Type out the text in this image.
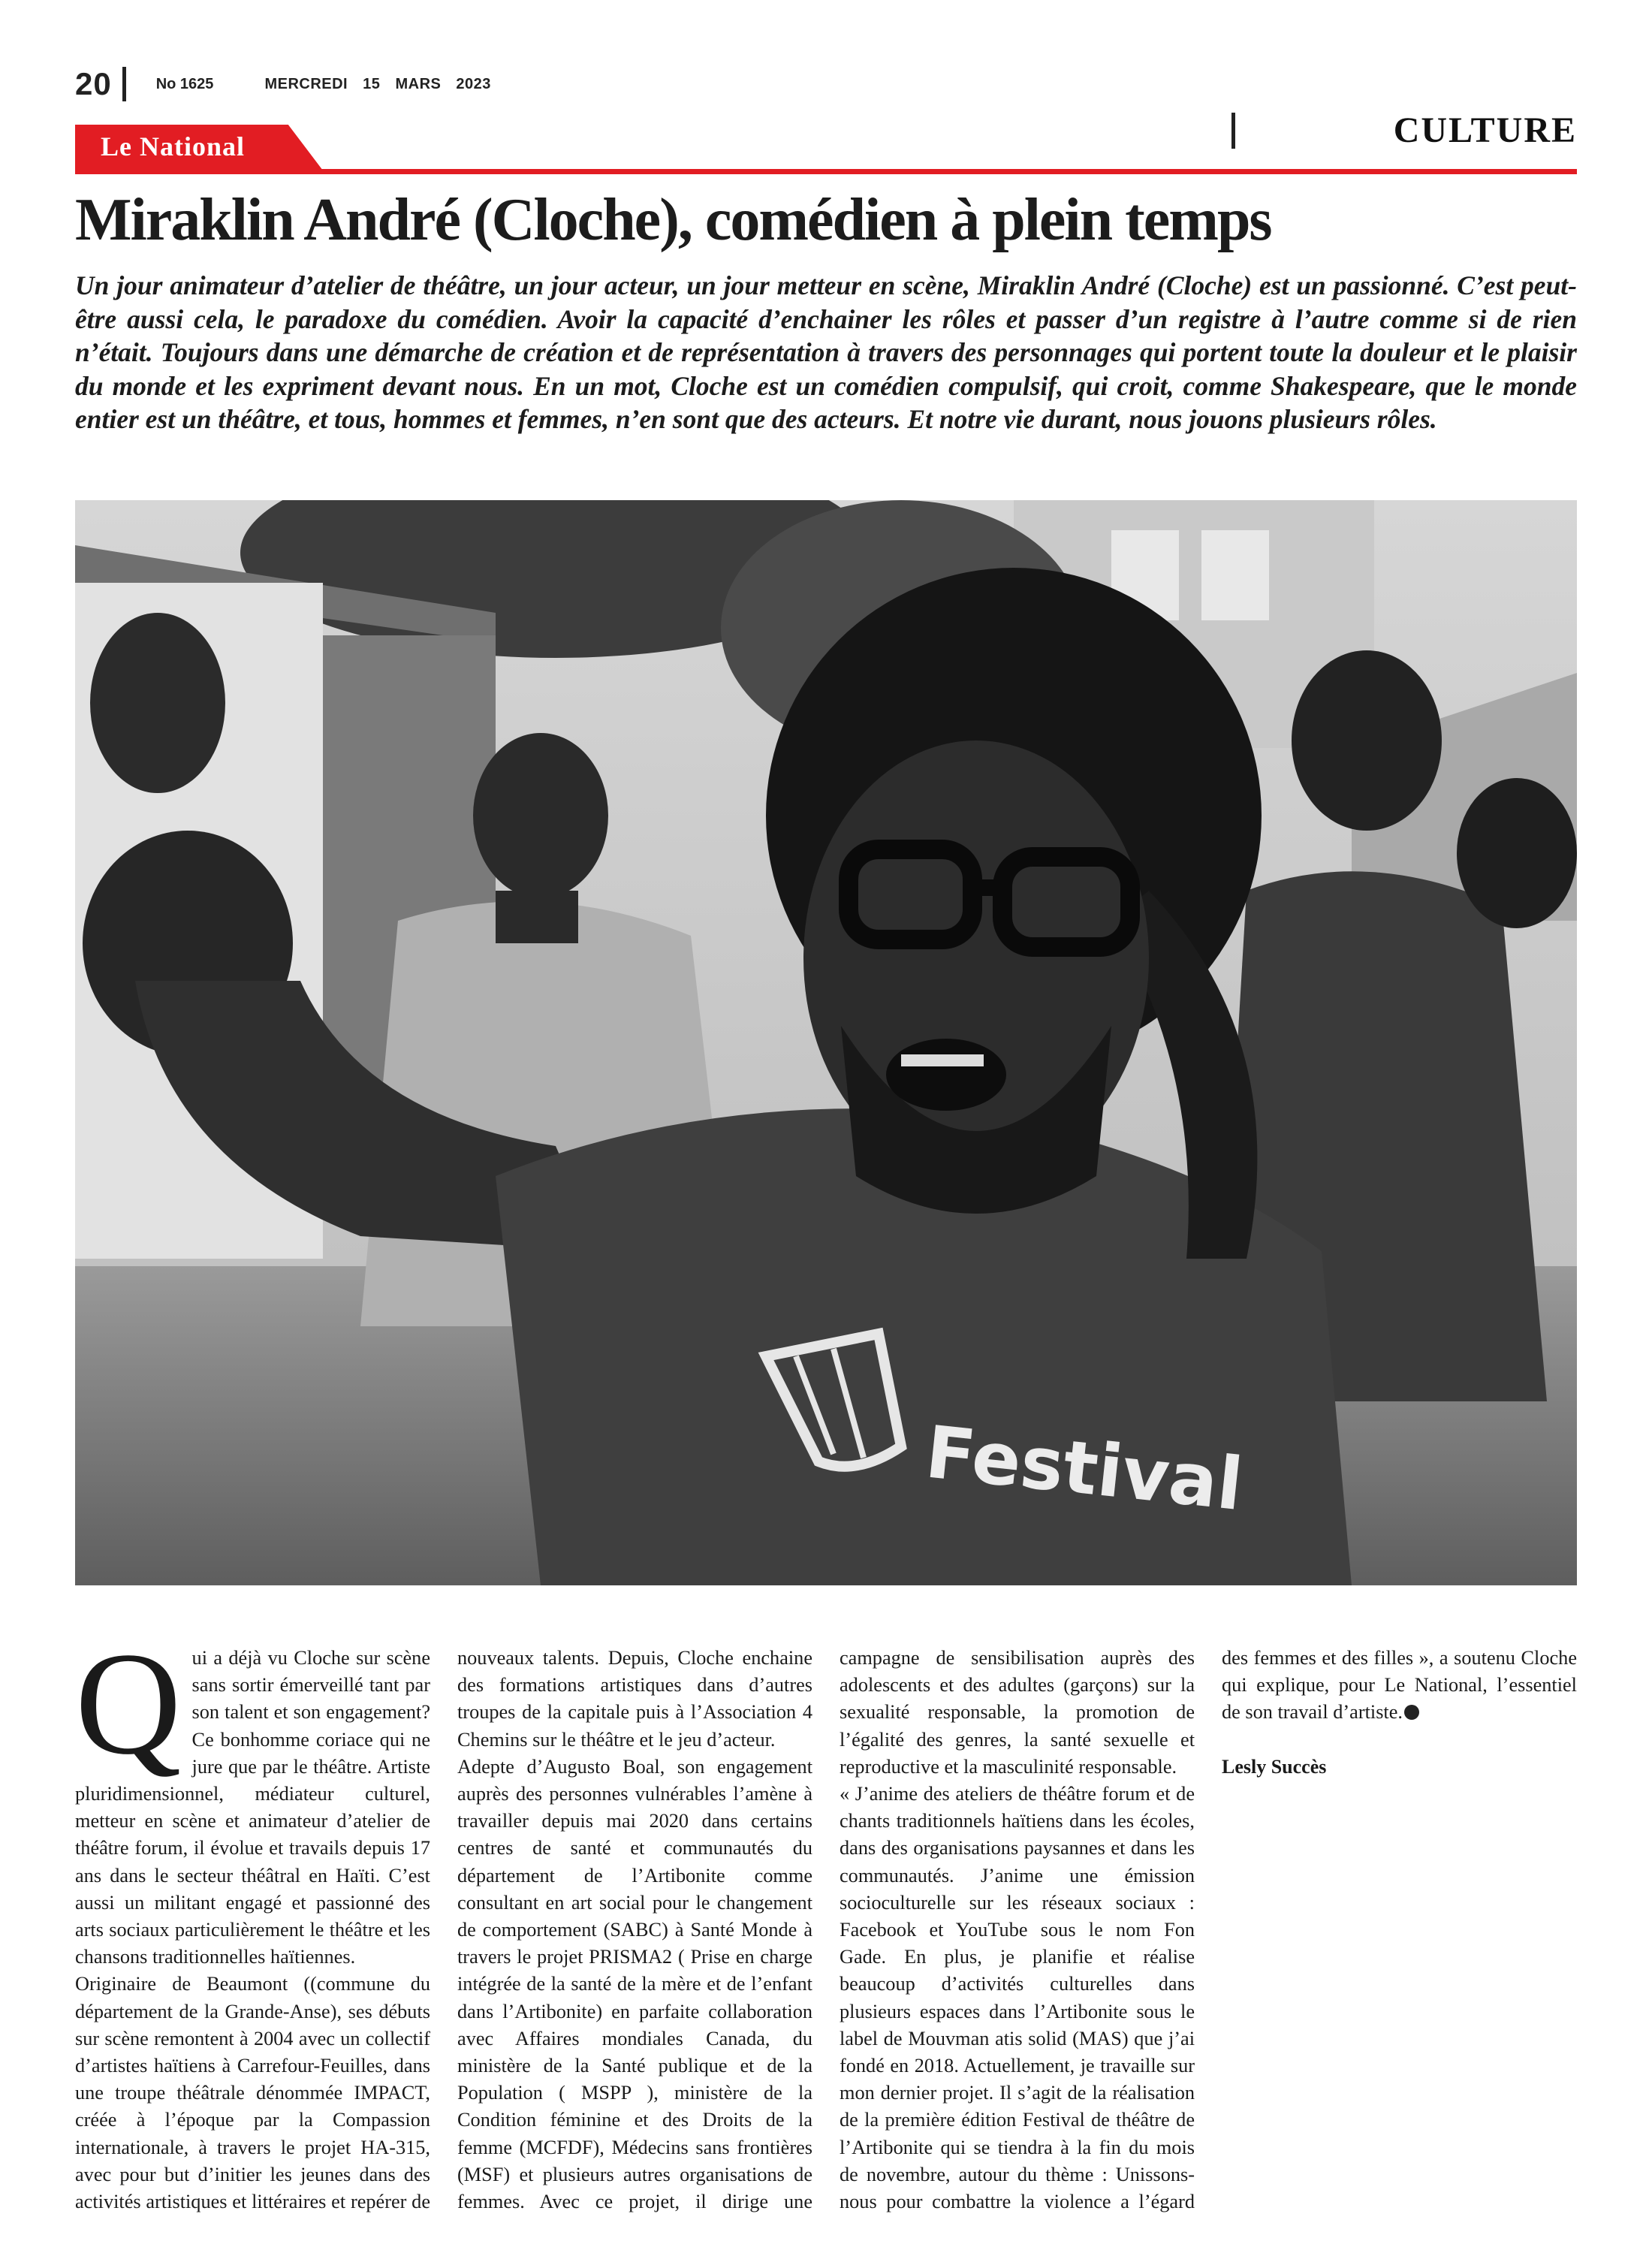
20	No 1625	MERCREDI 15 MARS 2023
Le National	CULTURE
Miraklin André (Cloche), comédien à plein temps

Un jour animateur d’atelier de théâtre, un jour acteur, un jour metteur en scène, Miraklin André (Cloche) est un passionné. C’est peut-être aussi cela, le paradoxe du comédien. Avoir la capacité d’enchainer les rôles et passer d’un registre à l’autre comme si de rien n’était. Toujours dans une démarche de création et de représentation à travers des personnages qui portent toute la douleur et le plaisir du monde et les expriment devant nous. En un mot, Cloche est un comédien compulsif, qui croit, comme Shakespeare, que le monde entier est un théâtre, et tous, hommes et femmes, n’en sont que des acteurs. Et notre vie durant, nous jouons plusieurs rôles.

Festival

Qui a déjà vu Cloche sur scène sans sortir émerveillé tant par son talent et son engagement? Ce bonhomme coriace qui ne jure que par le théâtre. Artiste pluridimensionnel, médiateur culturel, metteur en scène et animateur d’atelier de théâtre forum, il évolue et travails depuis 17 ans dans le secteur théâtral en Haïti. C’est aussi un militant engagé et passionné des arts sociaux particulièrement le théâtre et les chansons traditionnelles haïtiennes.

Originaire de Beaumont ((commune du département de la Grande-Anse), ses débuts sur scène remontent à 2004 avec un collectif d’artistes haïtiens à Carrefour-Feuilles, dans une troupe théâtrale dénommée IMPACT, créée à l’époque par la Compassion internationale, à travers le projet HA-315, avec pour but d’initier les jeunes dans des activités artistiques et littéraires et repérer de nouveaux talents. Depuis, Cloche enchaine des formations artistiques dans d’autres troupes de la capitale puis à l’Association 4 Chemins sur le théâtre et le jeu d’acteur.

Adepte d’Augusto Boal, son engagement auprès des personnes vulnérables l’amène à travailler depuis mai 2020 dans certains centres de santé et communautés du département de l’Artibonite comme consultant en art social pour le changement de comportement (SABC) à Santé Monde à travers le projet PRISMA2 ( Prise en charge intégrée de la santé de la mère et de l’enfant dans l’Artibonite) en parfaite collaboration avec Affaires mondiales Canada, du ministère de la Santé publique et de la Population ( MSPP ), ministère de la Condition féminine et des Droits de la femme (MCFDF), Médecins sans frontières (MSF) et plusieurs autres organisations de femmes. Avec ce projet, il dirige une campagne de sensibilisation auprès des adolescents et des adultes (garçons) sur la sexualité responsable, la promotion de l’égalité des genres, la santé sexuelle et reproductive et la masculinité responsable.

« J’anime des ateliers de théâtre forum et de chants traditionnels haïtiens dans les écoles, dans des organisations paysannes et dans les communautés. J’anime une émission socioculturelle sur les réseaux sociaux : Facebook et YouTube sous le nom Fon Gade. En plus, je planifie et réalise beaucoup d’activités culturelles dans plusieurs espaces dans l’Artibonite sous le label de Mouvman atis solid (MAS) que j’ai fondé en 2018. Actuellement, je travaille sur mon dernier projet. Il s’agit de la réalisation de la première édition Festival de théâtre de l’Artibonite qui se tiendra à la fin du mois de novembre, autour du thème : Unissons-nous pour combattre la violence a l’égard des femmes et des filles », a soutenu Cloche qui explique, pour Le National, l’essentiel de son travail d’artiste.

Lesly Succès
